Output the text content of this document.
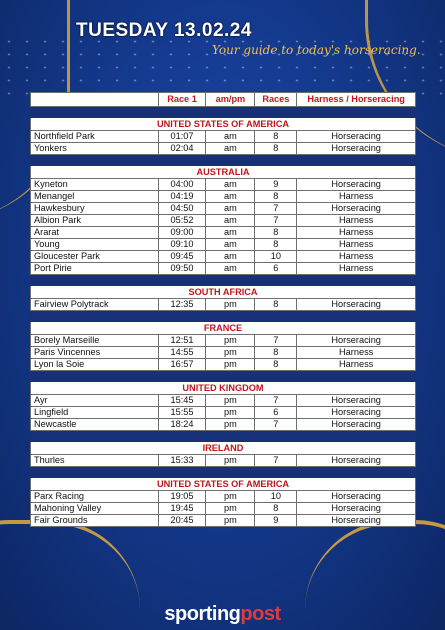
TUESDAY 13.02.24
Your guide to today's horseracing.
	Race 1	am/pm	Races	Harness / Horseracing

UNITED STATES OF AMERICA				
Northfield Park	01:07	am	8	Horseracing
Yonkers	02:04	am	8	Horseracing

AUSTRALIA				
Kyneton	04:00	am	9	Horseracing
Menangel	04:19	am	8	Harness
Hawkesbury	04:50	am	7	Horseracing
Albion Park	05:52	am	7	Harness
Ararat	09:00	am	8	Harness
Young	09:10	am	8	Harness
Gloucester Park	09:45	am	10	Harness
Port Pirie	09:50	am	6	Harness

SOUTH AFRICA				
Fairview Polytrack	12:35	pm	8	Horseracing

FRANCE				
Borely Marseille	12:51	pm	7	Horseracing
Paris Vincennes	14:55	pm	8	Harness
Lyon la Soie	16:57	pm	8	Harness

UNITED KINGDOM				
Ayr	15:45	pm	7	Horseracing
Lingfield	15:55	pm	6	Horseracing
Newcastle	18:24	pm	7	Horseracing

IRELAND				
Thurles	15:33	pm	7	Horseracing

UNITED STATES OF AMERICA				
Parx Racing	19:05	pm	10	Horseracing
Mahoning Valley	19:45	pm	8	Horseracing
Fair Grounds	20:45	pm	9	Horseracing
sportingpost
